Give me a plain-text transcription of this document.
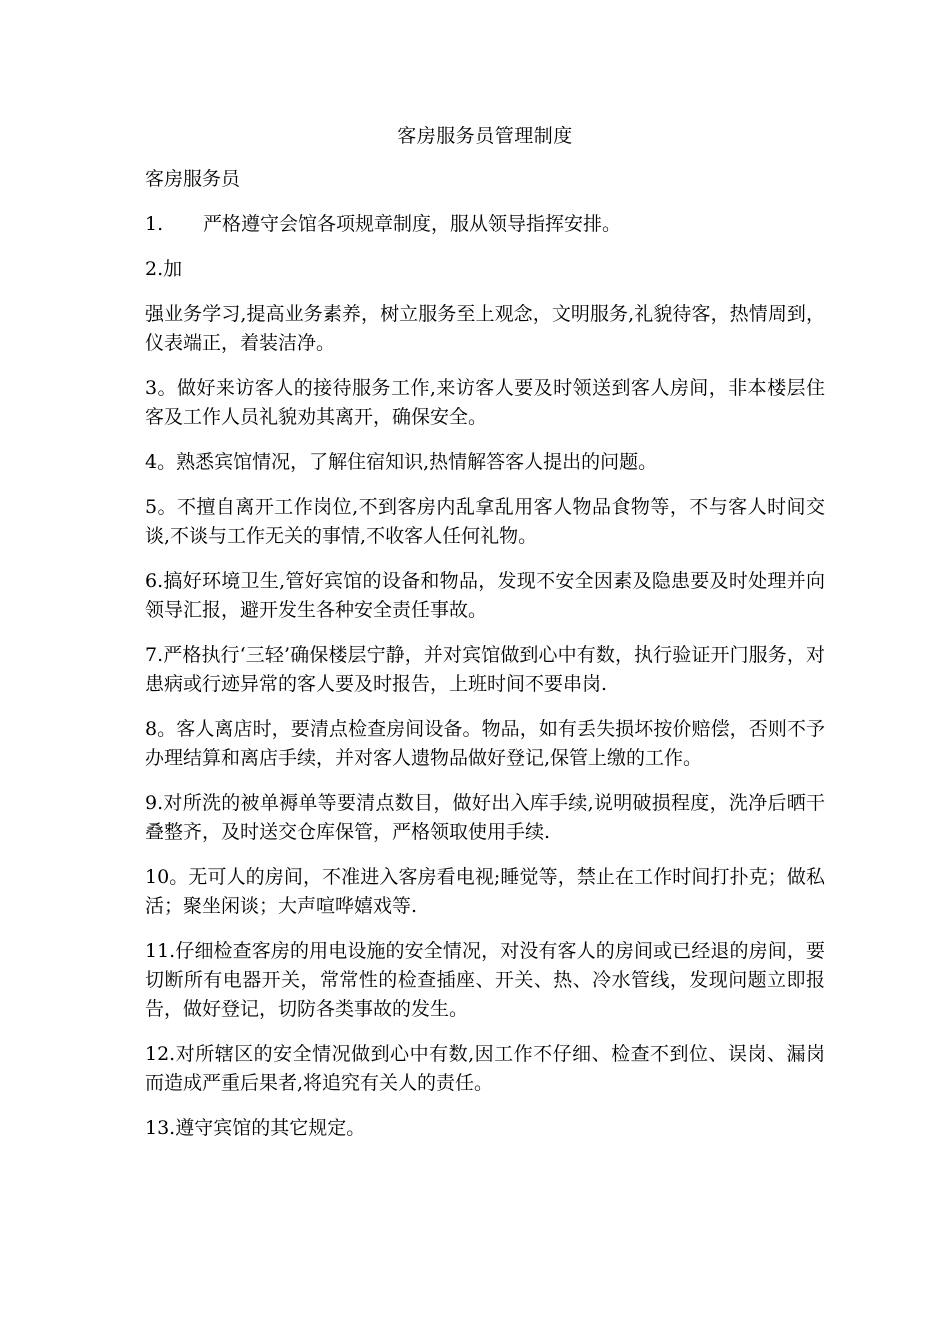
客房服务员管理制度
客房服务员
1. 严格遵守会馆各项规章制度，服从领导指挥安排。
2.加
强业务学习,提高业务素养，树立服务至上观念，文明服务,礼貌待客，热情周到，仪表端正，着装洁净。
3。做好来访客人的接待服务工作,来访客人要及时领送到客人房间，非本楼层住客及工作人员礼貌劝其离开，确保安全。
4。熟悉宾馆情况，了解住宿知识,热情解答客人提出的问题。
5。不擅自离开工作岗位,不到客房内乱拿乱用客人物品食物等，不与客人时间交谈,不谈与工作无关的事情,不收客人任何礼物。
6.搞好环境卫生,管好宾馆的设备和物品，发现不安全因素及隐患要及时处理并向领导汇报，避开发生各种安全责任事故。
7.严格执行‘三轻’确保楼层宁静，并对宾馆做到心中有数，执行验证开门服务，对患病或行迹异常的客人要及时报告，上班时间不要串岗.
8。客人离店时，要清点检查房间设备。物品，如有丢失损坏按价赔偿，否则不予办理结算和离店手续，并对客人遗物品做好登记,保管上缴的工作。
9.对所洗的被单褥单等要清点数目，做好出入库手续,说明破损程度，洗净后晒干叠整齐，及时送交仓库保管，严格领取使用手续.
10。无可人的房间，不准进入客房看电视;睡觉等，禁止在工作时间打扑克；做私活；聚坐闲谈；大声喧哗嬉戏等.
11.仔细检查客房的用电设施的安全情况，对没有客人的房间或已经退的房间，要切断所有电器开关，常常性的检查插座、开关、热、冷水管线，发现问题立即报告，做好登记，切防各类事故的发生。
12.对所辖区的安全情况做到心中有数,因工作不仔细、检查不到位、误岗、漏岗而造成严重后果者,将追究有关人的责任。
13.遵守宾馆的其它规定。
